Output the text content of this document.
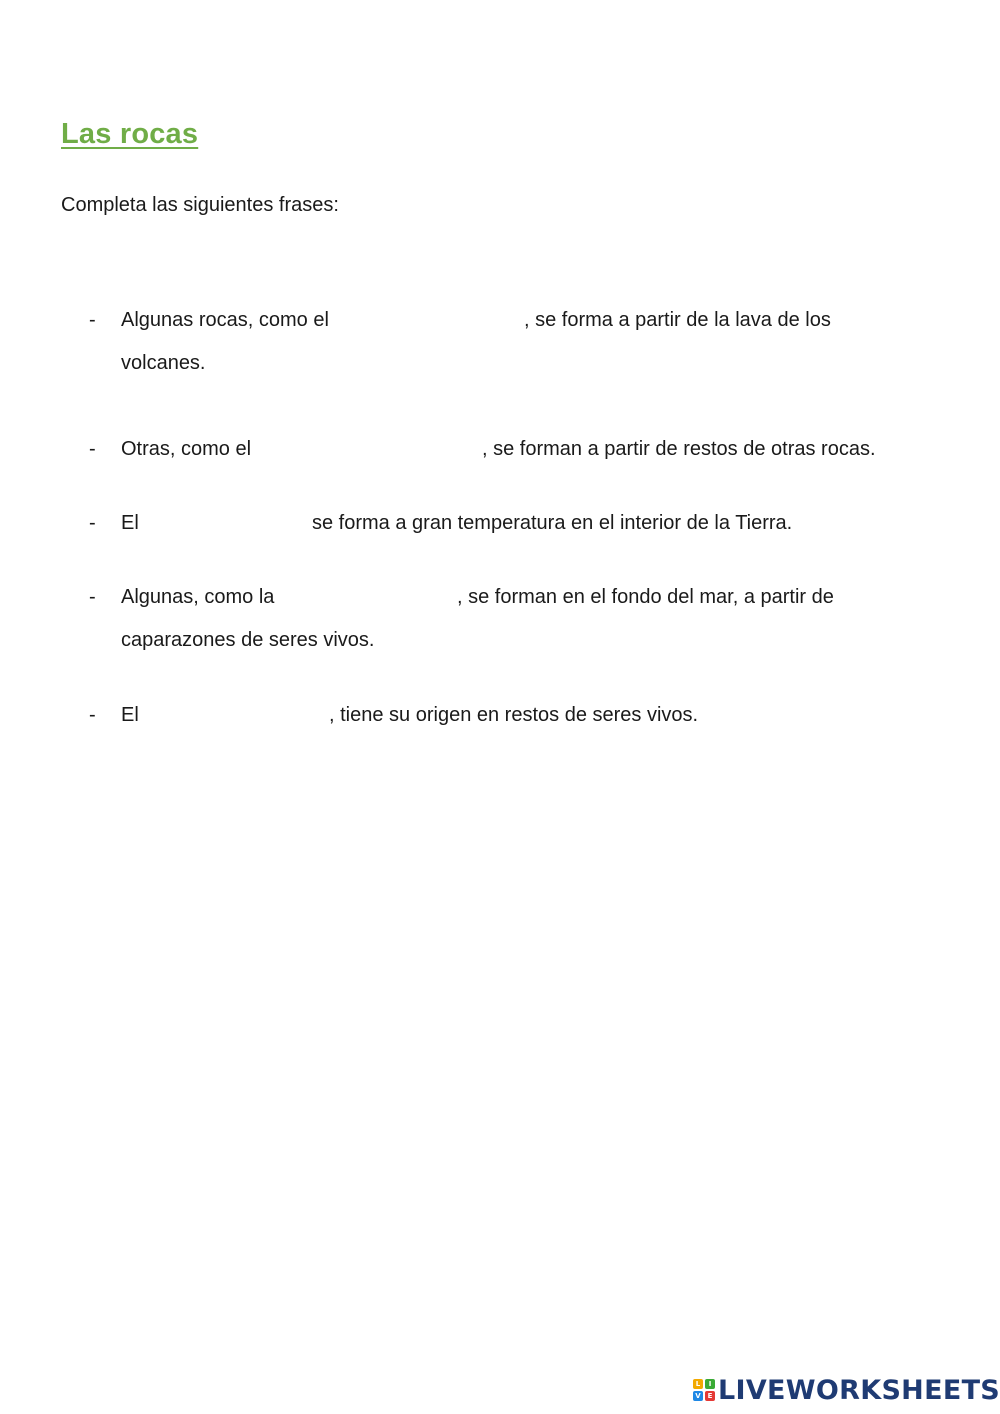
Las rocas

Completa las siguientes frases:

- Algunas rocas, como el	, se forma a partir de la lava de los
volcanes.
- Otras, como el	, se forman a partir de restos de otras rocas.
- El	se forma a gran temperatura en el interior de la Tierra.
- Algunas, como la	, se forman en el fondo del mar, a partir de
caparazones de seres vivos.
- El	, tiene su origen en restos de seres vivos.
L	I
V E LIVEWORKSHEETS
